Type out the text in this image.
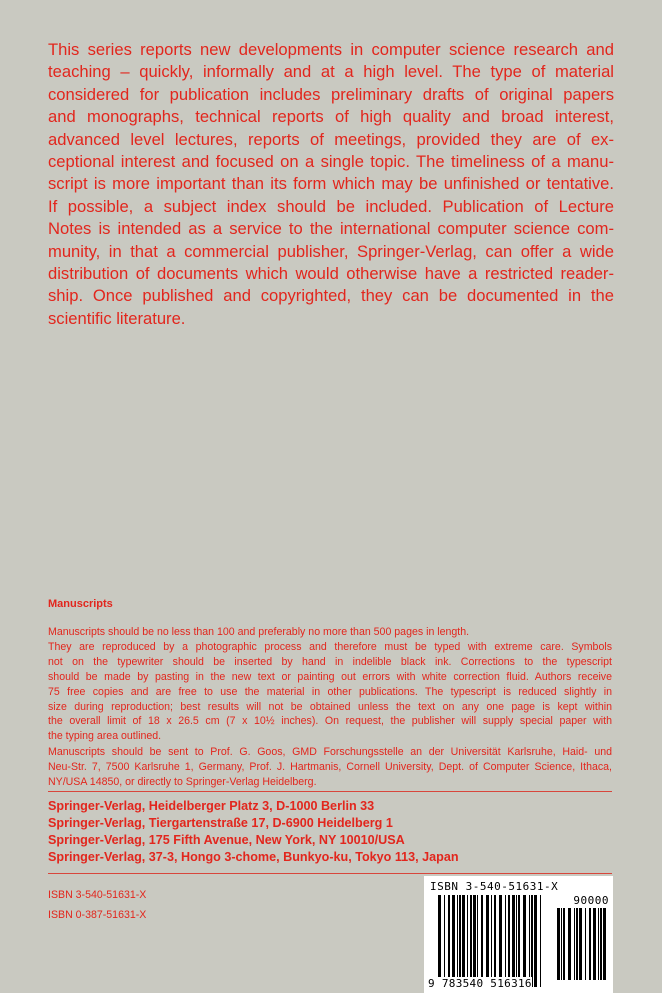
This series reports new developments in computer science research and
teaching – quickly, informally and at a high level. The type of material
considered for publication includes preliminary drafts of original papers
and monographs, technical reports of high quality and broad interest,
advanced level lectures, reports of meetings, provided they are of ex-
ceptional interest and focused on a single topic. The timeliness of a manu-
script is more important than its form which may be unfinished or tentative.
If possible, a subject index should be included. Publication of Lecture
Notes is intended as a service to the international computer science com-
munity, in that a commercial publisher, Springer-Verlag, can offer a wide
distribution of documents which would otherwise have a restricted reader-
ship. Once published and copyrighted, they can be documented in the
scientific literature.
Manuscripts
Manuscripts should be no less than 100 and preferably no more than 500 pages in length.
They are reproduced by a photographic process and therefore must be typed with extreme care. Symbols
not on the typewriter should be inserted by hand in indelible black ink. Corrections to the typescript
should be made by pasting in the new text or painting out errors with white correction fluid. Authors receive
75 free copies and are free to use the material in other publications. The typescript is reduced slightly in
size during reproduction; best results will not be obtained unless the text on any one page is kept within
the overall limit of 18 x 26.5 cm (7 x 10½ inches). On request, the publisher will supply special paper with
the typing area outlined.
Manuscripts should be sent to Prof. G. Goos, GMD Forschungsstelle an der Universität Karlsruhe, Haid- und
Neu-Str. 7, 7500 Karlsruhe 1, Germany, Prof. J. Hartmanis, Cornell University, Dept. of Computer Science, Ithaca,
NY/USA 14850, or directly to Springer-Verlag Heidelberg.
Springer-Verlag, Heidelberger Platz 3, D-1000 Berlin 33
Springer-Verlag, Tiergartenstraße 17, D-6900 Heidelberg 1
Springer-Verlag, 175 Fifth Avenue, New York, NY 10010/USA
Springer-Verlag, 37-3, Hongo 3-chome, Bunkyo-ku, Tokyo 113, Japan
ISBN 3-540-51631-X
ISBN 0-387-51631-X
ISBN 3-540-51631-X
90000
9 783540 516316
